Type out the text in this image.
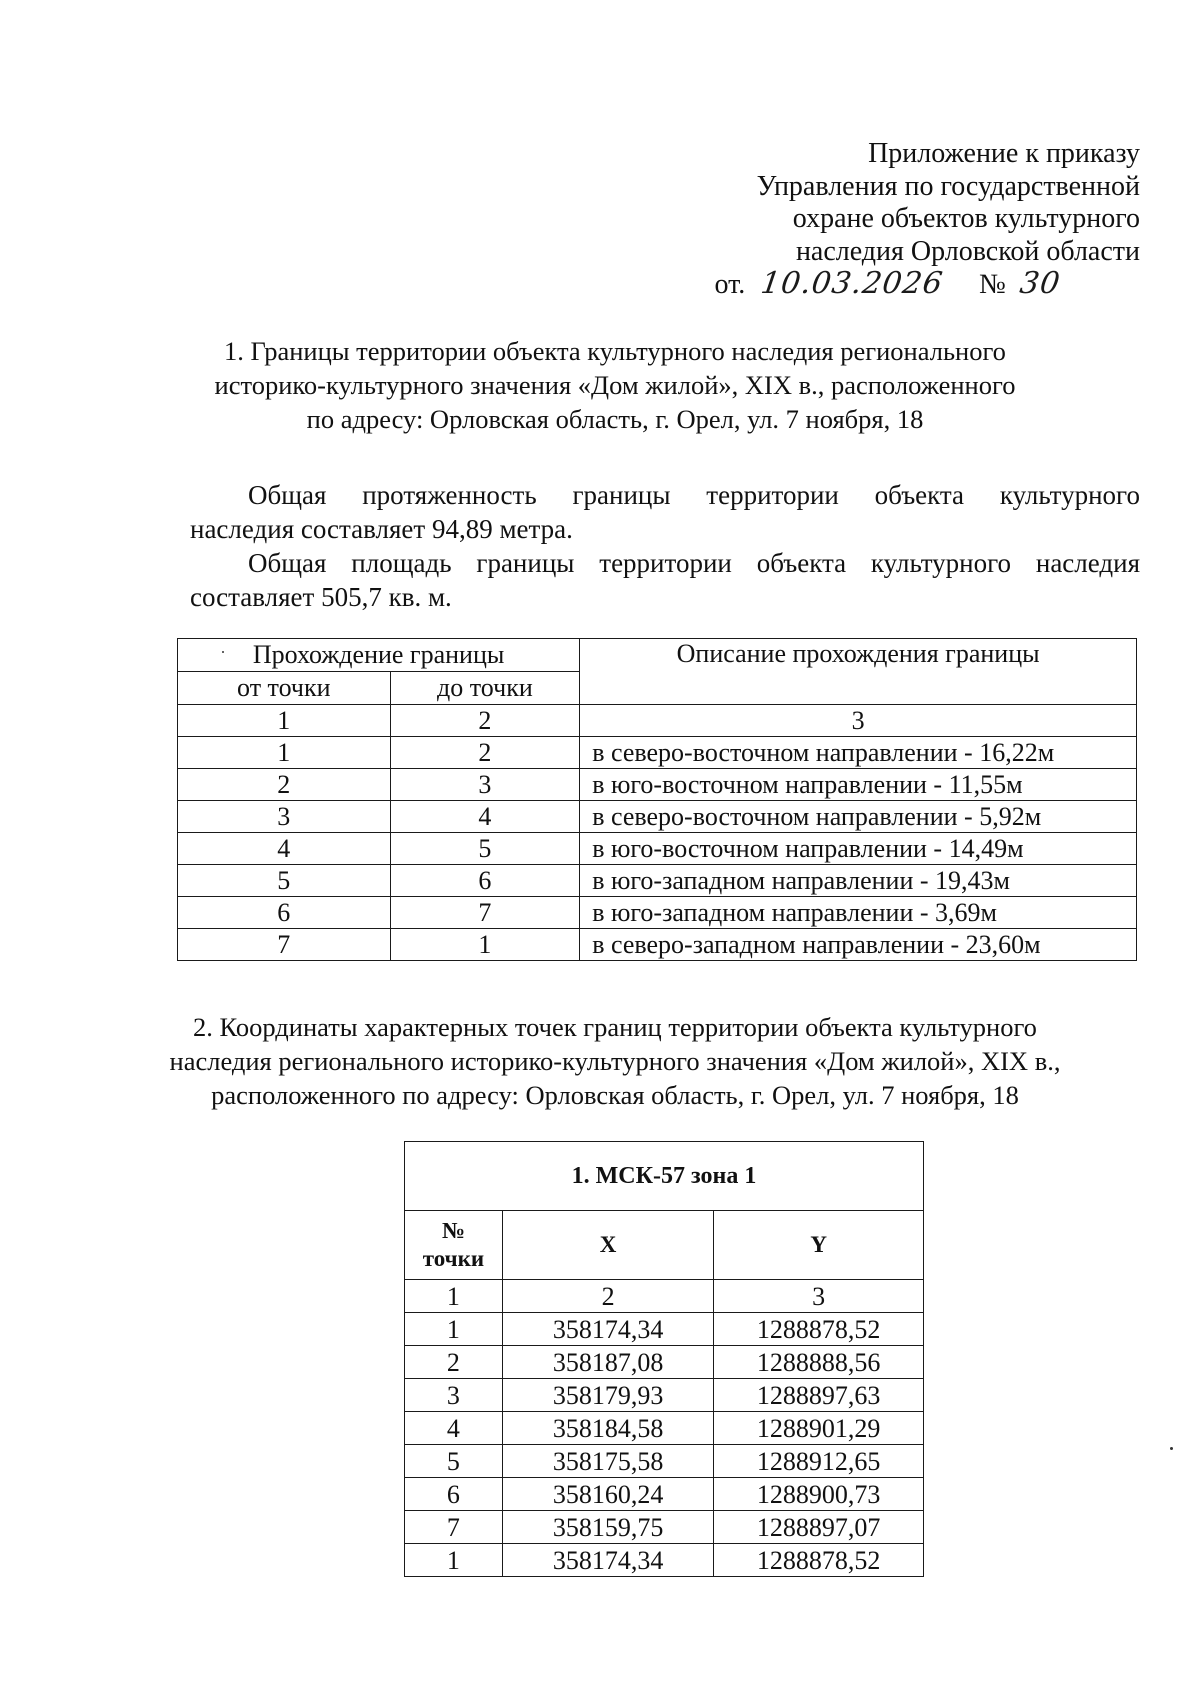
Приложение к приказу
Управления по государственной
охране объектов культурного
наследия Орловской области
от. 10.03.2026 № 30

1. Границы территории объекта культурного наследия регионального

историко-культурного значения «Дом жилой», XIX в., расположенного

по адресу: Орловская область, г. Орел, ул. 7 ноября, 18

Общая протяженность границы территории объекта культурного

наследия составляет 94,89 метра.

Общая площадь границы территории объекта культурного наследия

составляет 505,7 кв. м.

Прохождение границы		Описание прохождения границы
от точки	до точки	
1	2	3
1	2	в северо-восточном направлении - 16,22м
2	3	в юго-восточном направлении - 11,55м
3	4	в северо-восточном направлении - 5,92м
4	5	в юго-восточном направлении - 14,49м
5	6	в юго-западном направлении - 19,43м
6	7	в юго-западном направлении - 3,69м
7	1	в северо-западном направлении - 23,60м

2. Координаты характерных точек границ территории объекта культурного

наследия регионального историко-культурного значения «Дом жилой», XIX в.,

расположенного по адресу: Орловская область, г. Орел, ул. 7 ноября, 18

1. МСК-57 зона 1		

№
точки	X	Y
1	2	3
1	358174,34	1288878,52
2	358187,08	1288888,56
3	358179,93	1288897,63
4	358184,58	1288901,29
5	358175,58	1288912,65
6	358160,24	1288900,73
7	358159,75	1288897,07
1	358174,34	1288878,52
